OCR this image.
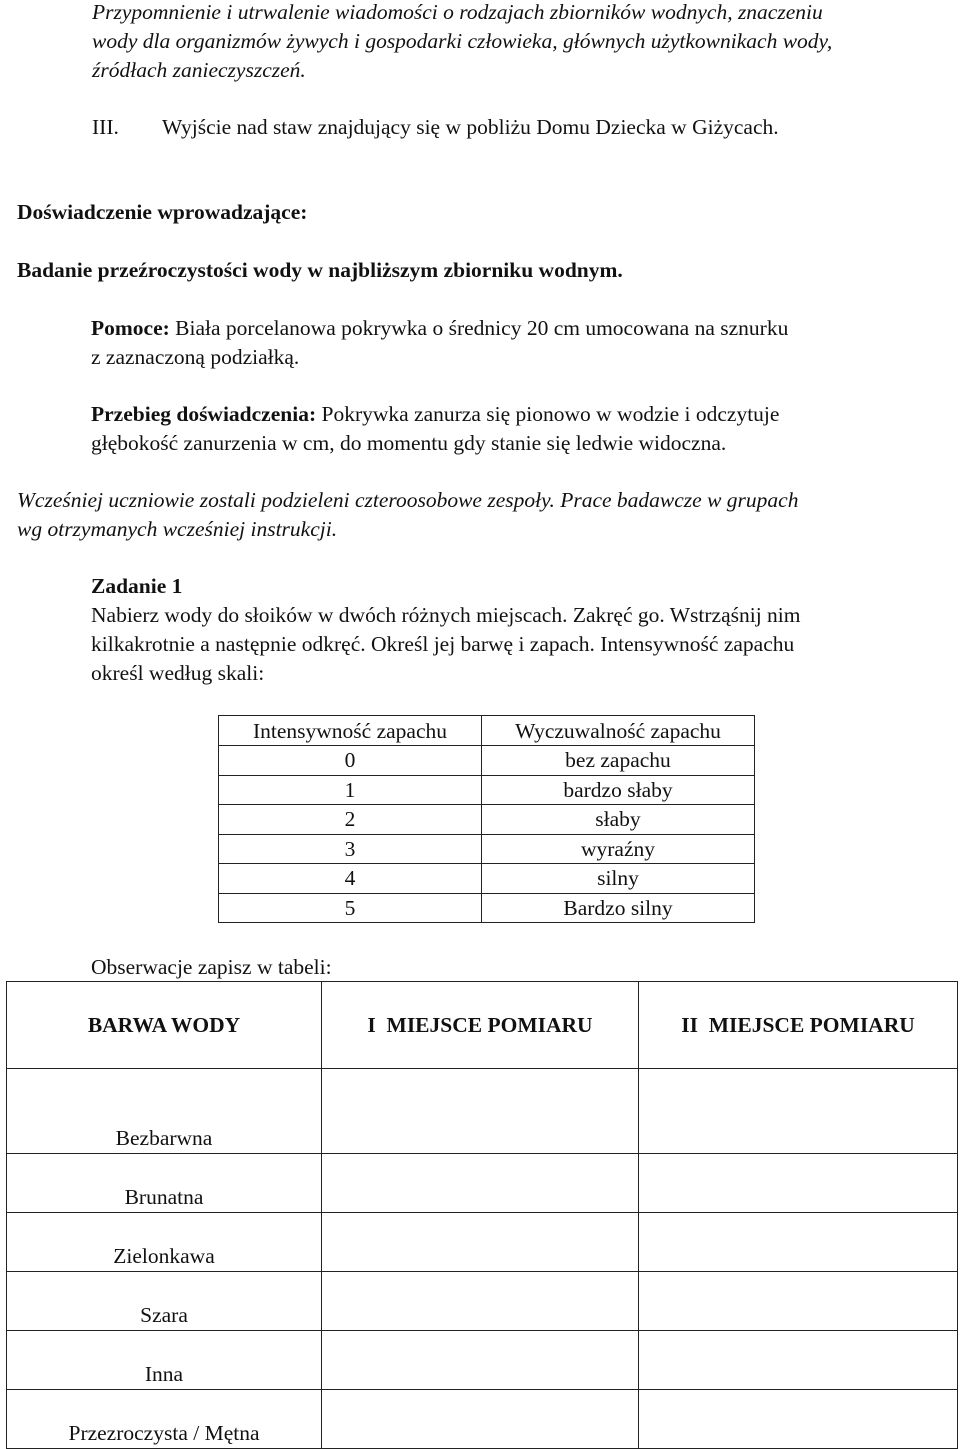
Przypomnienie i utrwalenie wiadomości o rodzajach zbiorników wodnych, znaczeniu

wody dla organizmów żywych i gospodarki człowieka, głównych użytkownikach wody,

źródłach zanieczyszczeń.

III. Wyjście nad staw znajdujący się w pobliżu Domu Dziecka w Giżycach.

Doświadczenie wprowadzające:

Badanie przeźroczystości wody w najbliższym zbiorniku wodnym.

Pomoce: Biała porcelanowa pokrywka o średnicy 20 cm umocowana na sznurku

z zaznaczoną podziałką.

Przebieg doświadczenia: Pokrywka zanurza się pionowo w wodzie i odczytuje

głębokość zanurzenia w cm, do momentu gdy stanie się ledwie widoczna.

Wcześniej uczniowie zostali podzieleni czteroosobowe zespoły. Prace badawcze w grupach

wg otrzymanych wcześniej instrukcji.

Zadanie 1

Nabierz wody do słoików w dwóch różnych miejscach. Zakręć go. Wstrząśnij nim

kilkakrotnie a następnie odkręć. Określ jej barwę i zapach. Intensywność zapachu

określ według skali:

Intensywność zapachu	Wyczuwalność zapachu
0	bez zapachu
1	bardzo słaby
2	słaby
3	wyraźny
4	silny
5	Bardzo silny

Obserwacje zapisz w tabeli:

BARWA WODY	I  MIEJSCE POMIARU	II  MIEJSCE POMIARU
Bezbarwna		
Brunatna		
Zielonkawa		
Szara		
Inna		
Przezroczysta / Mętna		
